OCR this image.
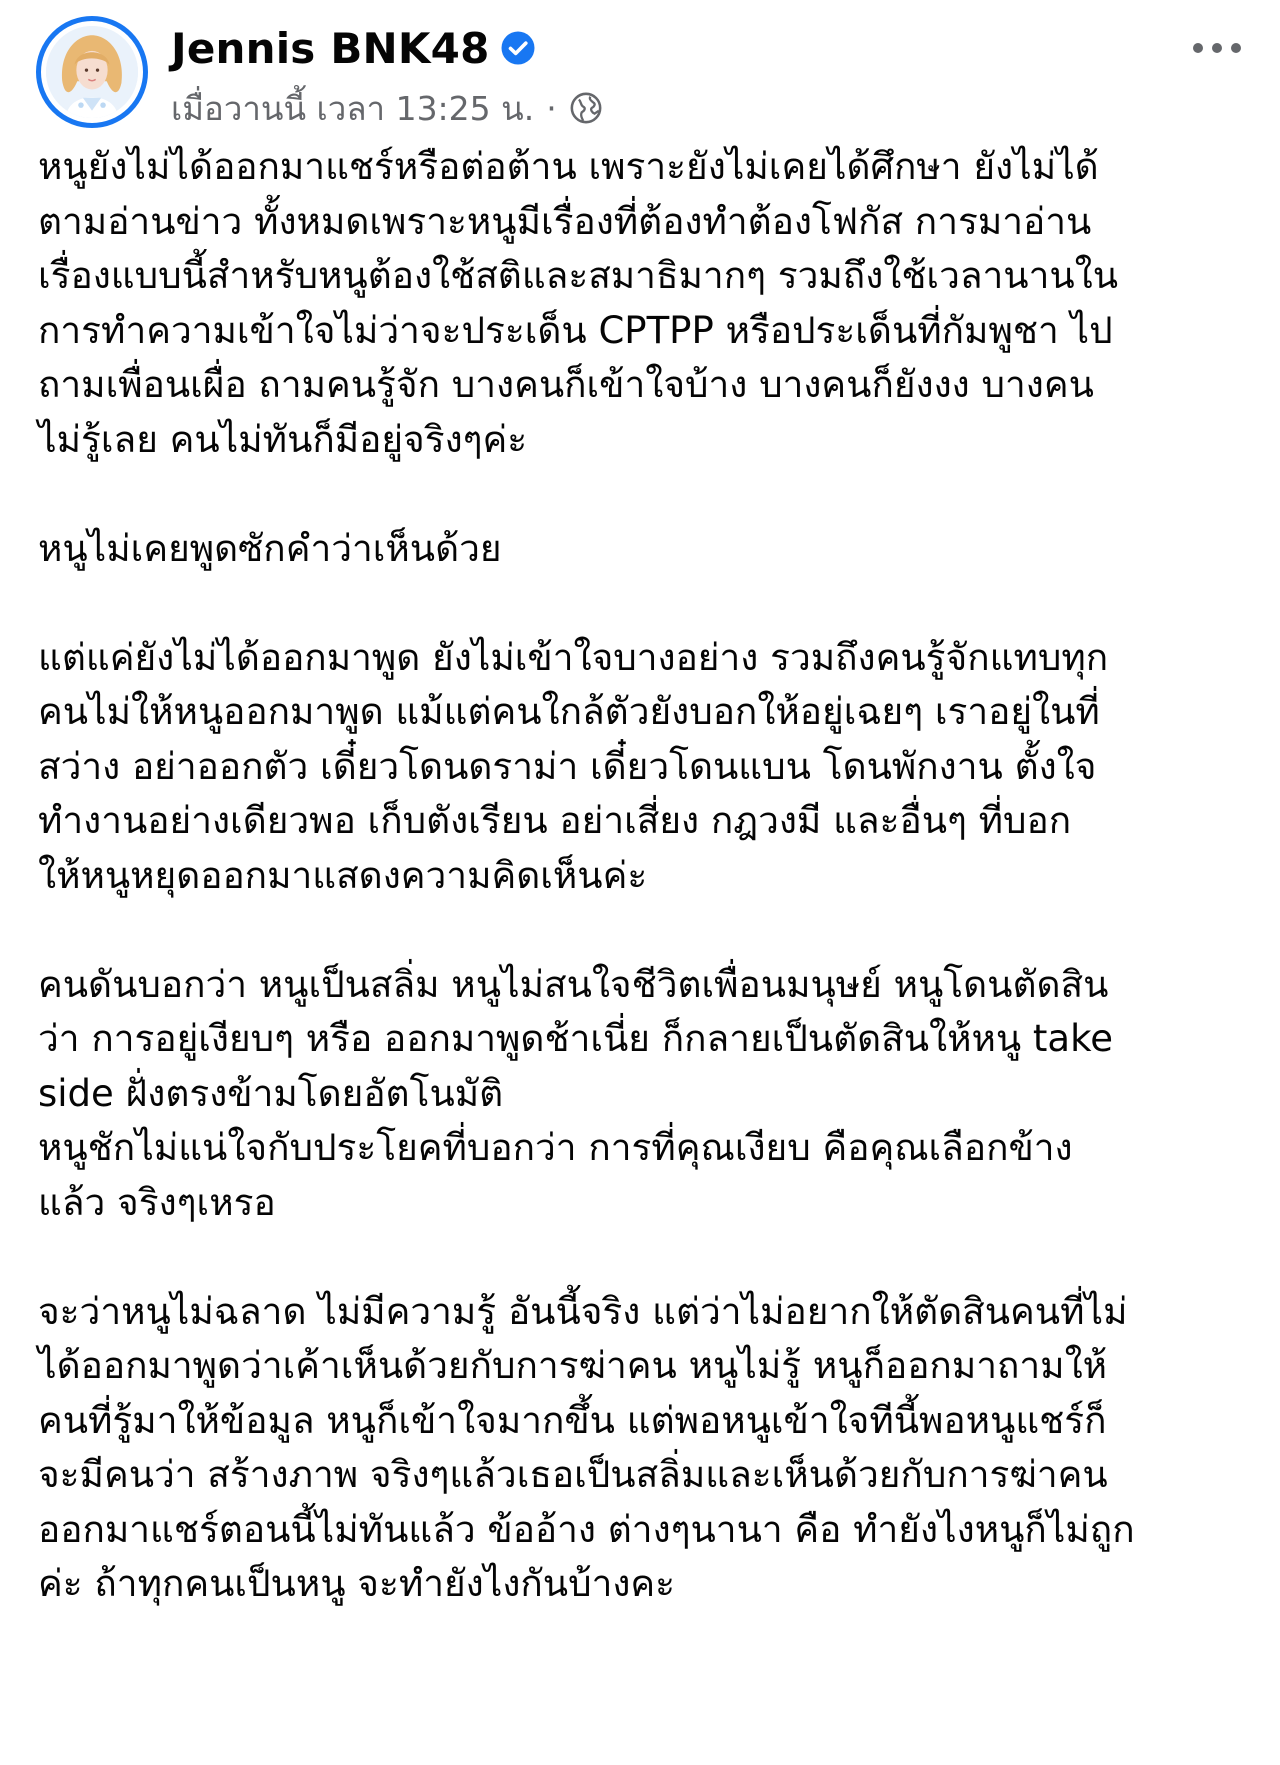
Jennis BNK48
เมื่อวานนี้ เวลา 13:25 น. ·
หนูยังไม่ได้ออกมาแชร์หรือต่อต้าน เพราะยังไม่เคยได้ศึกษา ยังไม่ได้
ตามอ่านข่าว ทั้งหมดเพราะหนูมีเรื่องที่ต้องทำต้องโฟกัส การมาอ่าน
เรื่องแบบนี้สำหรับหนูต้องใช้สติและสมาธิมากๆ รวมถึงใช้เวลานานใน
การทำความเข้าใจไม่ว่าจะประเด็น CPTPP หรือประเด็นที่กัมพูชา ไป
ถามเพื่อนเผื่อ ถามคนรู้จัก บางคนก็เข้าใจบ้าง บางคนก็ยังงง บางคน
ไม่รู้เลย คนไม่ทันก็มีอยู่จริงๆค่ะ
หนูไม่เคยพูดซักคำว่าเห็นด้วย
แต่แค่ยังไม่ได้ออกมาพูด ยังไม่เข้าใจบางอย่าง รวมถึงคนรู้จักแทบทุก
คนไม่ให้หนูออกมาพูด แม้แต่คนใกล้ตัวยังบอกให้อยู่เฉยๆ เราอยู่ในที่
สว่าง อย่าออกตัว เดี๋ยวโดนดราม่า เดี๋ยวโดนแบน โดนพักงาน ตั้งใจ
ทำงานอย่างเดียวพอ เก็บตังเรียน อย่าเสี่ยง กฎวงมี และอื่นๆ ที่บอก
ให้หนูหยุดออกมาแสดงความคิดเห็นค่ะ
คนดันบอกว่า หนูเป็นสลิ่ม หนูไม่สนใจชีวิตเพื่อนมนุษย์ หนูโดนตัดสิน
ว่า การอยู่เงียบๆ หรือ ออกมาพูดช้าเนี่ย ก็กลายเป็นตัดสินให้หนู take
side ฝั่งตรงข้ามโดยอัตโนมัติ
หนูชักไม่แน่ใจกับประโยคที่บอกว่า การที่คุณเงียบ คือคุณเลือกข้าง
แล้ว จริงๆเหรอ
จะว่าหนูไม่ฉลาด ไม่มีความรู้ อันนี้จริง แต่ว่าไม่อยากให้ตัดสินคนที่ไม่
ได้ออกมาพูดว่าเค้าเห็นด้วยกับการฆ่าคน หนูไม่รู้ หนูก็ออกมาถามให้
คนที่รู้มาให้ข้อมูล หนูก็เข้าใจมากขึ้น แต่พอหนูเข้าใจทีนี้พอหนูแชร์ก็
จะมีคนว่า สร้างภาพ จริงๆแล้วเธอเป็นสลิ่มและเห็นด้วยกับการฆ่าคน
ออกมาแชร์ตอนนี้ไม่ทันแล้ว ข้ออ้าง ต่างๆนานา คือ ทำยังไงหนูก็ไม่ถูก
ค่ะ ถ้าทุกคนเป็นหนู จะทำยังไงกันบ้างคะ
